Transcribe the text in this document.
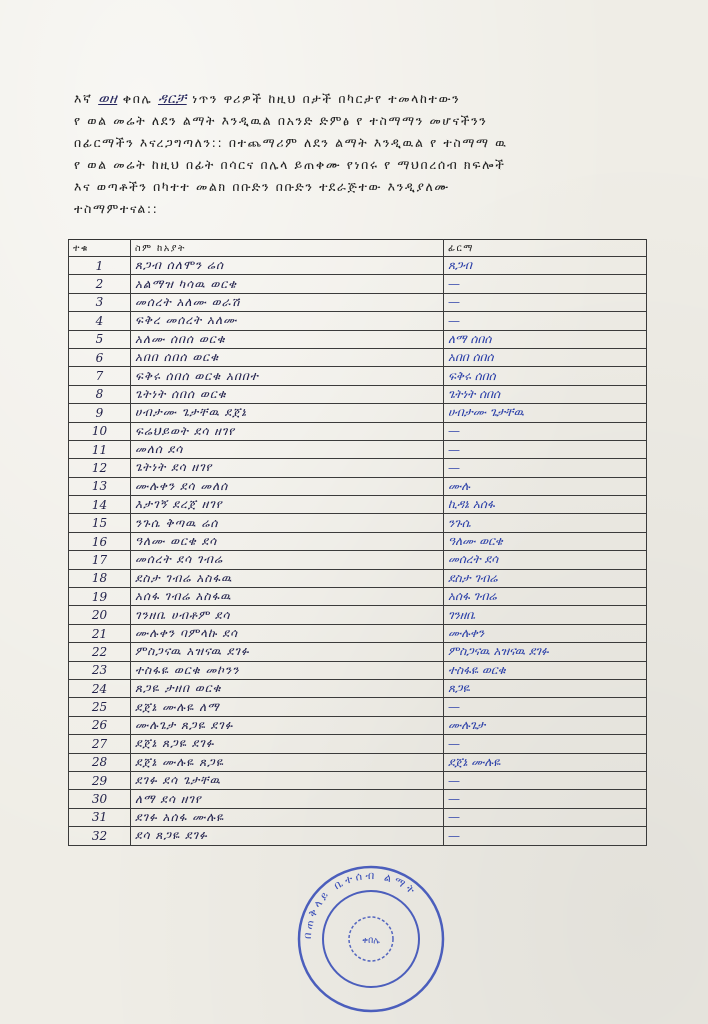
እኛ ወዘ ቀበሌ ዳርቻ ነጥን ዋሪዎች ከዚህ በታች በካርታየ ተመላከተውን
የ ወል መሬት ለደን ልማት እንዲዉል በአንድ ድምፅ የ ተስማማን መሆናችንን
በፊርማችን እናረጋግጣለን:: በተጨማሪም ለደን ልማት እንዲዉል የ ተስማማ ዉ
የ ወል መሬት ከዚህ በፊት በሳርና በሌላ ይጠቀሙ የነበሩ የ ማህበረሰብ ክፍሎች
እና ወጣቶችን በካተተ መልክ በቡድን በቡድን ተደራጅተው እንዲያለሙ
ተስማምተናል::
ተቁ	ስም ከአያት	ፊርማ
1	ጸጋብ ሰለሞን ሬሰ	ጸጋብ
2	አልማዝ ካሳዉ ወርቄ	—
3	መሰረት አለሙ ወራሽ	—
4	ፍቅረ መሰረት አለሙ	—
5	አለሙ ሰበሰ ወርቁ	ለማ ሰበሰ
6	አበበ ሰበሰ ወርቁ	አበበ ሰበሰ
7	ፍቅሩ ሰበሰ ወርቁ አበበተ	ፍቅሩ ሰበሰ
8	ጌትነት ሰበሰ ወርቁ	ጌትነት ሰበሰ
9	ሀብታሙ ጌታቸዉ ደጀኔ	ሀብታሙ ጌታቸዉ
10	ፍሬህይወት ደሳ ዘገየ	—
11	መለሰ ደሳ	—
12	ጌትነት ደሳ ዘገየ	—
13	ሙሉቀን ደሳ መለሰ	ሙሉ
14	እታገኝ ደረጀ ዘገየ	ኪዳኔ አሰፋ
15	ንጉሴ ቅጣዉ ሬሰ	ንጉሴ
16	ዓለሙ ወርቄ ደሳ	ዓለሙ ወርቄ
17	መሰረት ደሳ ገብሬ	መሰረት ደሳ
18	ደስታ ገብሬ አስፋዉ	ደስታ ገብሬ
19	አሰፋ ገብሬ አስፋዉ	አሰፋ ገብሬ
20	ገንዘቤ ሀብቶም ደሳ	ገንዘቤ
21	ሙሉቀን ባምላኩ ደሳ	ሙሉቀን
22	ምስጋናዉ አዝናዉ ደገፉ	ምስጋናዉ አዝናዉ ደገፉ
23	ተስፋዬ ወርቁ መኮንን	ተስፋዬ ወርቁ
24	ጸጋዬ ታዘበ ወርቁ	ጸጋዬ
25	ደጀኔ ሙሉዬ ለማ	—
26	ሙሉጌታ ጸጋዬ ደገፉ	ሙሉጌታ
27	ደጀኔ ጸጋዬ ደገፉ	—
28	ደጀኔ ሙሉዬ ጸጋዬ	ደጀኔ ሙሉዬ
29	ደገፉ ደሳ ጌታቸዉ	—
30	ለማ ደሳ ዘገየ	—
31	ደገፉ አሰፋ ሙሉዬ	—
32	ደሳ ጸጋዬ ደገፉ	—
በጠቅላይ ቤተሰብ ልማት
ቀበሌ
